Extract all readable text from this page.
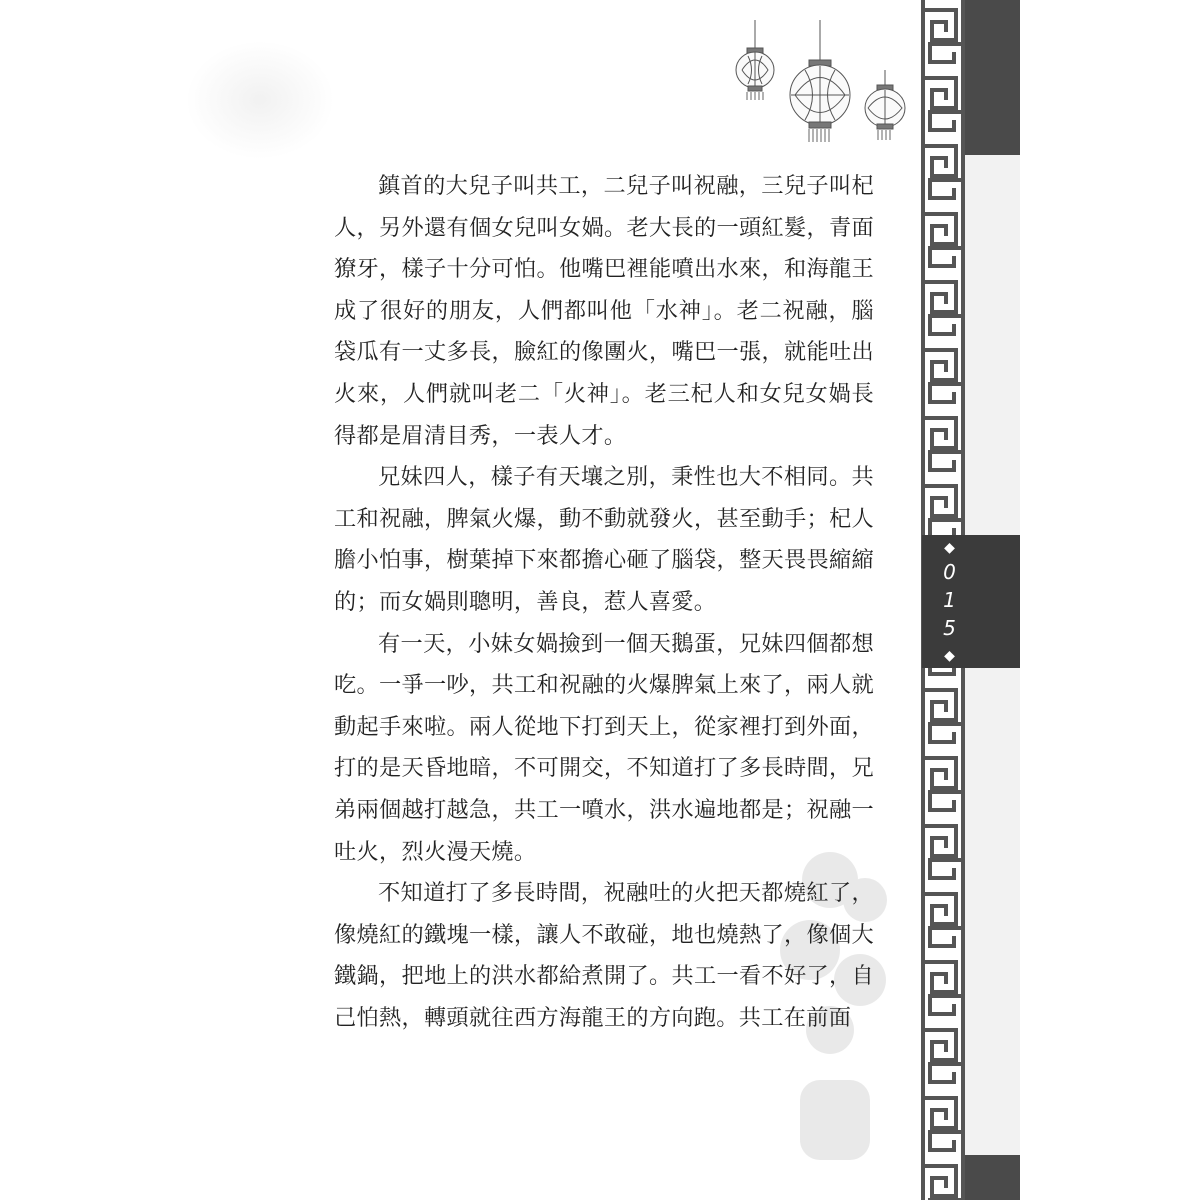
鎮首的大兒子叫共工，二兒子叫祝融，三兒子叫杞人，另外還有個女兒叫女媧。老大長的一頭紅髮，青面獠牙，樣子十分可怕。他嘴巴裡能噴出水來，和海龍王成了很好的朋友，人們都叫他「水神」。老二祝融，腦袋瓜有一丈多長，臉紅的像團火，嘴巴一張，就能吐出火來，人們就叫老二「火神」。老三杞人和女兒女媧長得都是眉清目秀，一表人才。

兄妹四人，樣子有天壤之別，秉性也大不相同。共工和祝融，脾氣火爆，動不動就發火，甚至動手；杞人膽小怕事，樹葉掉下來都擔心砸了腦袋，整天畏畏縮縮的；而女媧則聰明，善良，惹人喜愛。

有一天，小妹女媧撿到一個天鵝蛋，兄妹四個都想吃。一爭一吵，共工和祝融的火爆脾氣上來了，兩人就動起手來啦。兩人從地下打到天上，從家裡打到外面，打的是天昏地暗，不可開交，不知道打了多長時間，兄弟兩個越打越急，共工一噴水，洪水遍地都是；祝融一吐火，烈火漫天燒。

不知道打了多長時間，祝融吐的火把天都燒紅了，像燒紅的鐵塊一樣，讓人不敢碰，地也燒熱了，像個大鐵鍋，把地上的洪水都給煮開了。共工一看不好了，自己怕熱，轉頭就往西方海龍王的方向跑。共工在前面

◆
015
◆
